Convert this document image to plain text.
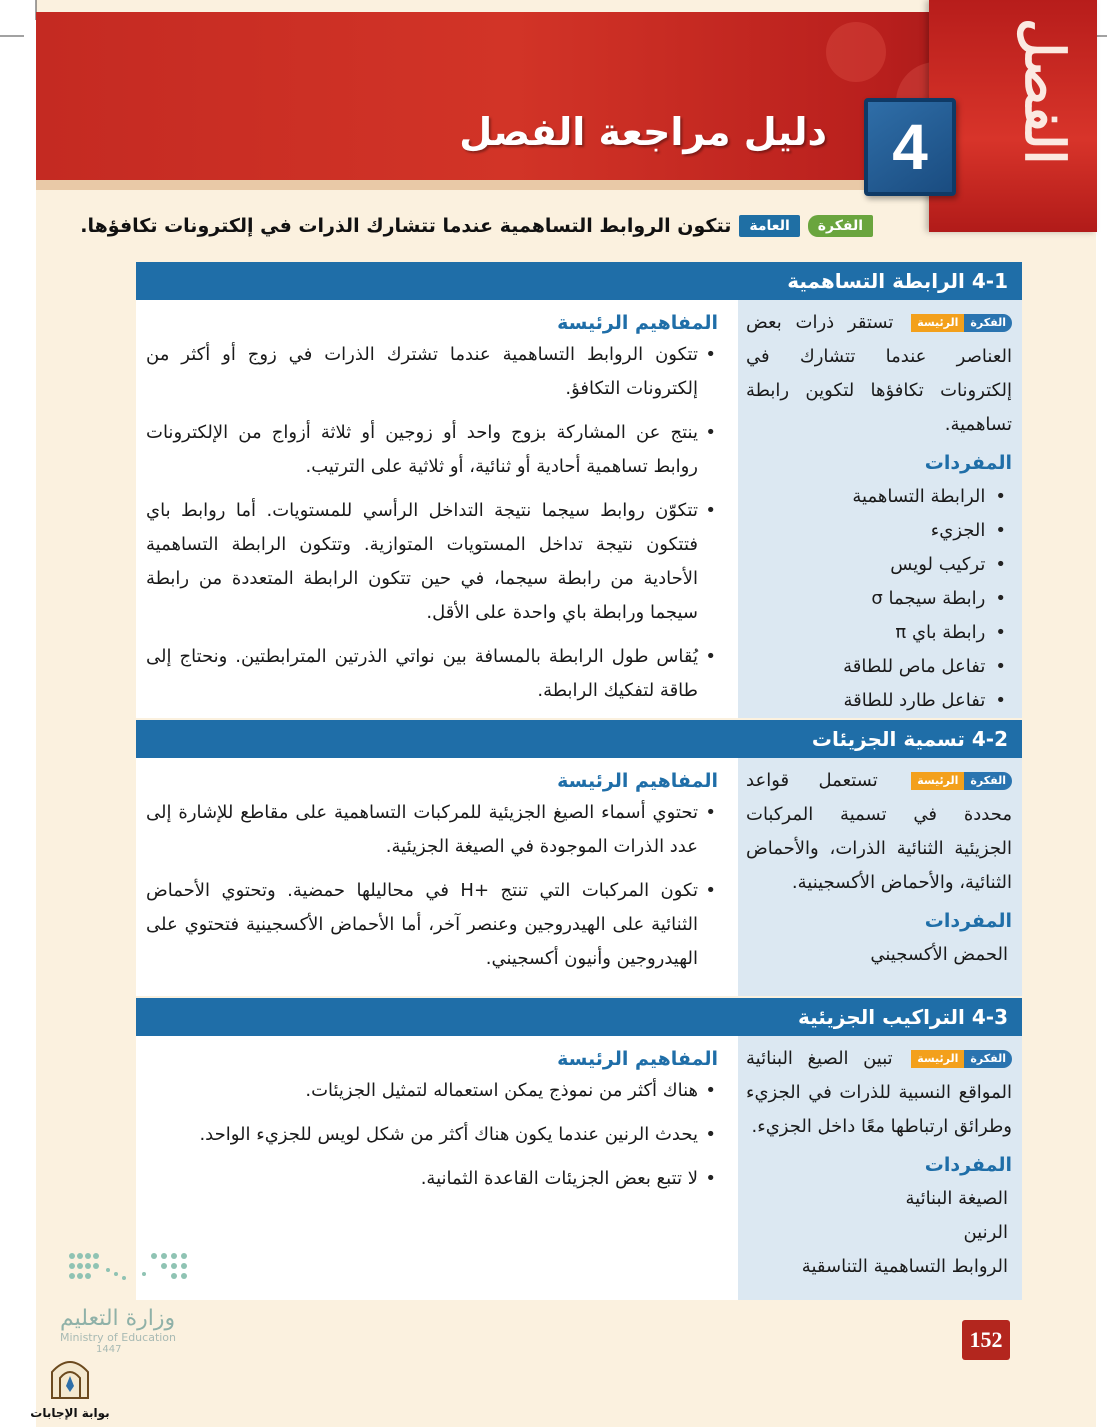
الفصل
4
دليل مراجعة الفصل
الفكرة
العامة
تتكون الروابط التساهمية عندما تتشارك الذرات في إلكترونات تكافؤها.
4-1 الرابطة التساهمية
الفكرة
الرئيسة
تستقر ذرات بعض العناصر عندما تتشارك في إلكترونات تكافؤها لتكوين رابطة تساهمية.
المفردات
• الرابطة التساهمية
• الجزيء
• تركيب لويس
• رابطة سيجما σ
• رابطة باي π
• تفاعل ماص للطاقة
• تفاعل طارد للطاقة
المفاهيم الرئيسة
• تتكون الروابط التساهمية عندما تشترك الذرات في زوج أو أكثر من إلكترونات التكافؤ.
• ينتج عن المشاركة بزوج واحد أو زوجين أو ثلاثة أزواج من الإلكترونات روابط تساهمية أحادية أو ثنائية، أو ثلاثية على الترتيب.
• تتكوّن روابط سيجما نتيجة التداخل الرأسي للمستويات. أما روابط باي فتتكون نتيجة تداخل المستويات المتوازية. وتتكون الرابطة التساهمية الأحادية من رابطة سيجما، في حين تتكون الرابطة المتعددة من رابطة سيجما ورابطة باي واحدة على الأقل.
• يُقاس طول الرابطة بالمسافة بين نواتي الذرتين المترابطتين. ونحتاج إلى طاقة لتفكيك الرابطة.
4-2 تسمية الجزيئات
الفكرة
الرئيسة
تستعمل قواعد محددة في تسمية المركبات الجزيئية الثنائية الذرات، والأحماض الثنائية، والأحماض الأكسجينية.
المفردات
الحمض الأكسجيني
المفاهيم الرئيسة
• تحتوي أسماء الصيغ الجزيئية للمركبات التساهمية على مقاطع للإشارة إلى عدد الذرات الموجودة في الصيغة الجزيئية.
• تكون المركبات التي تنتج +H في محاليلها حمضية. وتحتوي الأحماض الثنائية على الهيدروجين وعنصر آخر، أما الأحماض الأكسجينية فتحتوي على الهيدروجين وأنيون أكسجيني.
4-3 التراكيب الجزيئية
الفكرة
الرئيسة
تبين الصيغ البنائية المواقع النسبية للذرات في الجزيء وطرائق ارتباطها معًا داخل الجزيء.
المفردات
الصيغة البنائية
الرنين
الروابط التساهمية التناسقية
المفاهيم الرئيسة
• هناك أكثر من نموذج يمكن استعماله لتمثيل الجزيئات.
• يحدث الرنين عندما يكون هناك أكثر من شكل لويس للجزيء الواحد.
• لا تتبع بعض الجزيئات القاعدة الثمانية.
152
وزارة التعليم
Ministry of Education
1447
بوابة الإجابات
